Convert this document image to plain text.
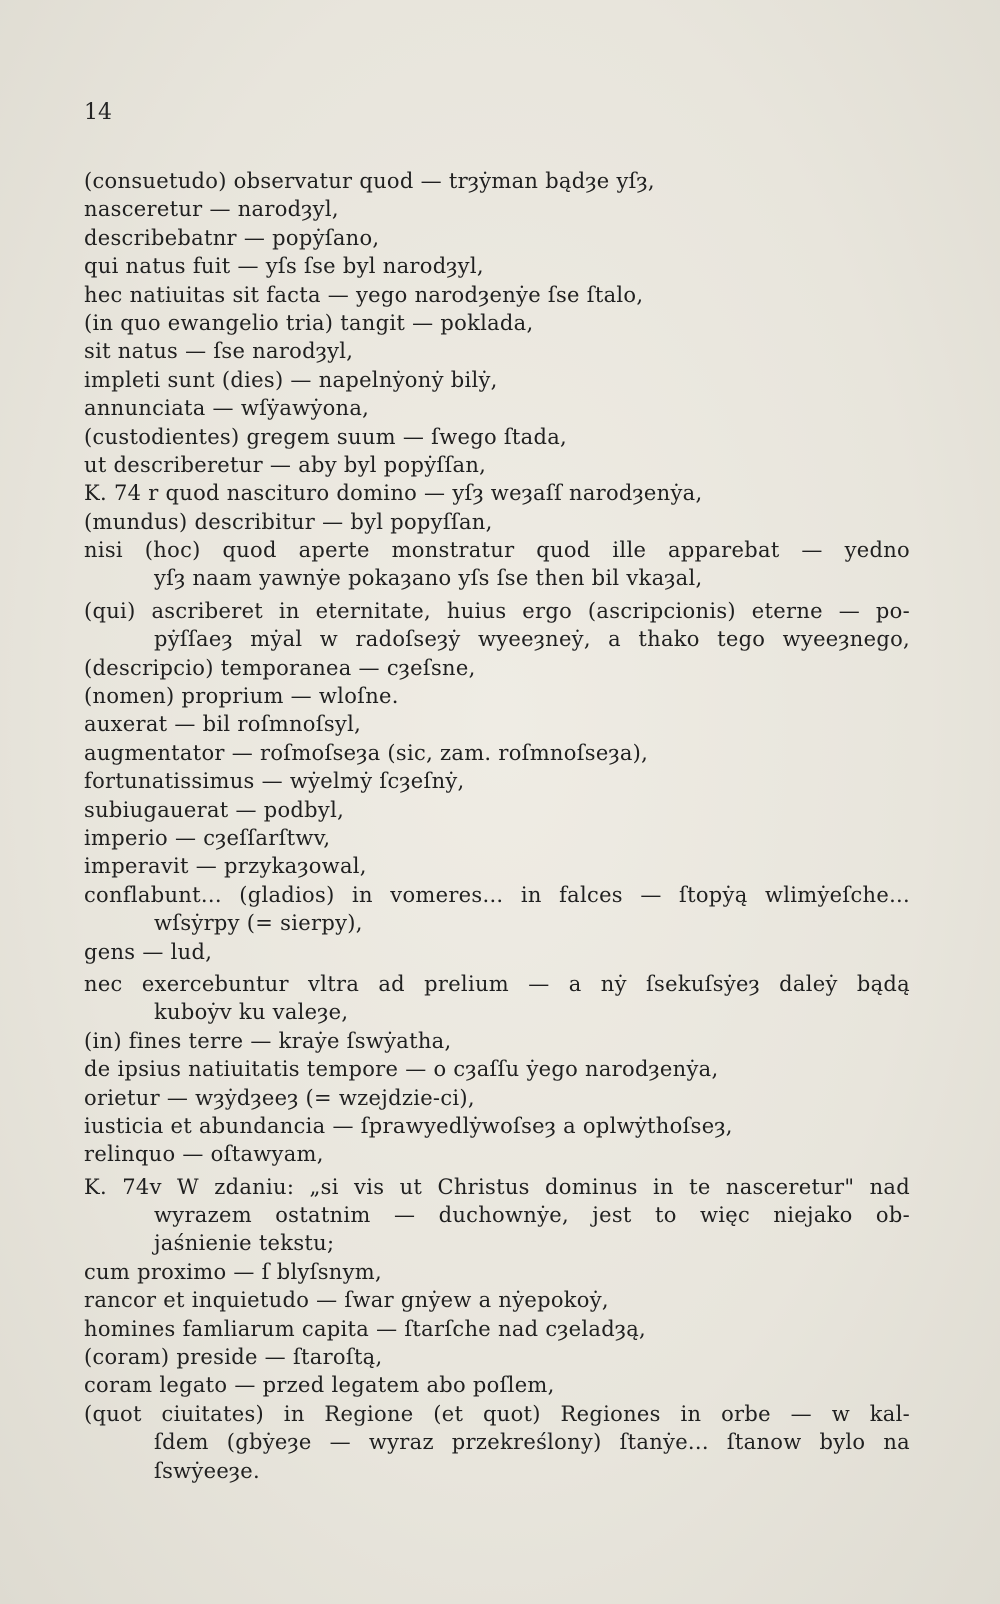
14
(consuetudo) observatur quod — trȝẏman bądȝe yſȝ,
nasceretur — narodȝyl,
describebatnr — popẏſano,
qui natus fuit — yſs ſse byl narodȝyl,
hec natiuitas sit facta — yego narodȝenẏe ſse ſtalo,
(in quo ewangelio tria) tangit — poklada,
sit natus — ſse narodȝyl,
impleti sunt (dies) — napelnẏonẏ bilẏ,
annunciata — wſẏawẏona,
(custodientes) gregem suum — ſwego ſtada,
ut describeretur — aby byl popẏſſan,
K. 74 r quod nascituro domino — yſȝ weȝaſſ narodȝenẏa,
(mundus) describitur — byl popyſſan,
nisi (hoc) quod aperte monstratur quod ille apparebat — yedno
yſȝ naam yawnẏe pokaȝano yſs ſse then bil vkaȝal,
(qui) ascriberet in eternitate, huius ergo (ascripcionis) eterne — po-
pẏſſaeȝ mẏal w radoſseȝẏ wyeeȝneẏ, a thako tego wyeeȝnego,
(descripcio) temporanea — cȝeſsne,
(nomen) proprium — wloſne.
auxerat — bil roſmnoſsyl,
augmentator — roſmoſseȝa (sic, zam. roſmnoſseȝa),
fortunatissimus — wẏelmẏ ſcȝeſnẏ,
subiugauerat — podbyl,
imperio — cȝeſſarſtwv,
imperavit — przykaȝowal,
conflabunt... (gladios) in vomeres... in falces — ſtopẏą wlimẏeſche...
wſsẏrpy (= sierpy),
gens — lud,
nec exercebuntur vltra ad prelium — a nẏ ſsekuſsẏeȝ daleẏ bądą
kuboẏv ku valeȝe,
(in) fines terre — kraẏe ſswẏatha,
de ipsius natiuitatis tempore — o cȝaſſu ẏego narodȝenẏa,
orietur — wȝẏdȝeeȝ (= wzejdzie-ci),
iusticia et abundancia — ſprawyedlẏwoſseȝ a oplwẏthoſseȝ,
relinquo — oſtawyam,
K. 74v W zdaniu: „si vis ut Christus dominus in te nasceretur" nad
wyrazem ostatnim — duchownẏe, jest to więc niejako ob-
jaśnienie tekstu;
cum proximo — ſ blyſsnym,
rancor et inquietudo — ſwar gnẏew a nẏepokoẏ,
homines famliarum capita — ſtarſche nad cȝeladȝą,
(coram) preside — ſtaroſtą,
coram legato — przed legatem abo poſlem,
(quot ciuitates) in Regione (et quot) Regiones in orbe — w kal-
ſdem (gbẏeȝe — wyraz przekreślony) ſtanẏe... ſtanow bylo na
ſswẏeeȝe.
